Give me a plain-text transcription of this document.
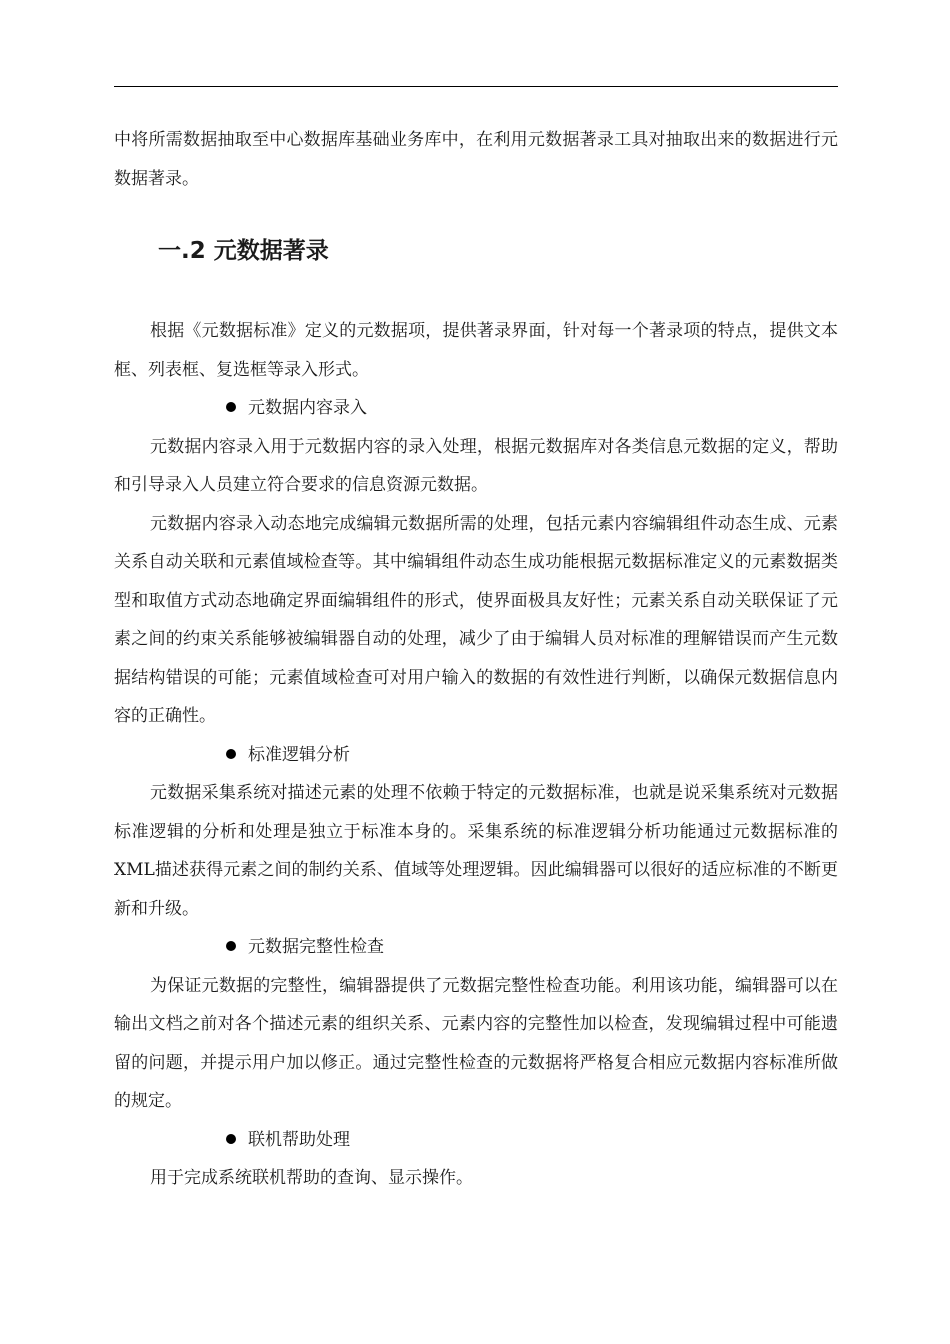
中将所需数据抽取至中心数据库基础业务库中，在利用元数据著录工具对抽取出来的数据进行元数据著录。

一.2 元数据著录

根据《元数据标准》定义的元数据项，提供著录界面，针对每一个著录项的特点，提供文本框、列表框、复选框等录入形式。

元数据内容录入

元数据内容录入用于元数据内容的录入处理，根据元数据库对各类信息元数据的定义，帮助和引导录入人员建立符合要求的信息资源元数据。

元数据内容录入动态地完成编辑元数据所需的处理，包括元素内容编辑组件动态生成、元素关系自动关联和元素值域检查等。其中编辑组件动态生成功能根据元数据标准定义的元素数据类型和取值方式动态地确定界面编辑组件的形式，使界面极具友好性；元素关系自动关联保证了元素之间的约束关系能够被编辑器自动的处理，减少了由于编辑人员对标准的理解错误而产生元数据结构错误的可能；元素值域检查可对用户输入的数据的有效性进行判断，以确保元数据信息内容的正确性。

标准逻辑分析

元数据采集系统对描述元素的处理不依赖于特定的元数据标准，也就是说采集系统对元数据标准逻辑的分析和处理是独立于标准本身的。采集系统的标准逻辑分析功能通过元数据标准的XML描述获得元素之间的制约关系、值域等处理逻辑。因此编辑器可以很好的适应标准的不断更新和升级。

元数据完整性检查

为保证元数据的完整性，编辑器提供了元数据完整性检查功能。利用该功能，编辑器可以在输出文档之前对各个描述元素的组织关系、元素内容的完整性加以检查，发现编辑过程中可能遗留的问题，并提示用户加以修正。通过完整性检查的元数据将严格复合相应元数据内容标准所做的规定。

联机帮助处理

用于完成系统联机帮助的查询、显示操作。
